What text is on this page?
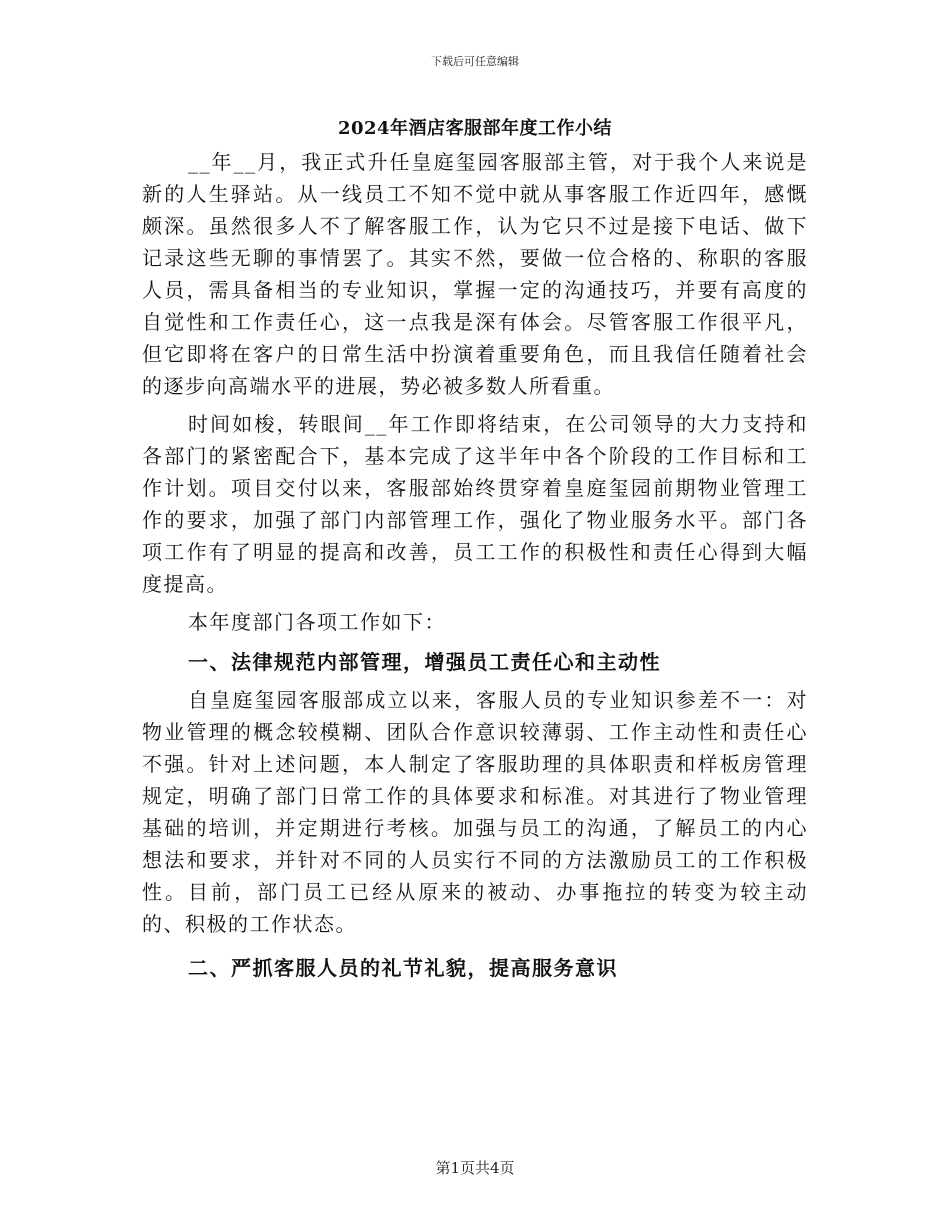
下载后可任意编辑
2024年酒店客服部年度工作小结

__年__月，我正式升任皇庭玺园客服部主管，对于我个人来说是新的人生驿站。从一线员工不知不觉中就从事客服工作近四年，感慨颇深。虽然很多人不了解客服工作，认为它只不过是接下电话、做下记录这些无聊的事情罢了。其实不然，要做一位合格的、称职的客服人员，需具备相当的专业知识，掌握一定的沟通技巧，并要有高度的自觉性和工作责任心，这一点我是深有体会。尽管客服工作很平凡，但它即将在客户的日常生活中扮演着重要角色，而且我信任随着社会的逐步向高端水平的进展，势必被多数人所看重。

时间如梭，转眼间__年工作即将结束，在公司领导的大力支持和各部门的紧密配合下，基本完成了这半年中各个阶段的工作目标和工作计划。项目交付以来，客服部始终贯穿着皇庭玺园前期物业管理工作的要求，加强了部门内部管理工作，强化了物业服务水平。部门各项工作有了明显的提高和改善，员工工作的积极性和责任心得到大幅度提高。

本年度部门各项工作如下：

一、法律规范内部管理，增强员工责任心和主动性

自皇庭玺园客服部成立以来，客服人员的专业知识参差不一：对物业管理的概念较模糊、团队合作意识较薄弱、工作主动性和责任心不强。针对上述问题，本人制定了客服助理的具体职责和样板房管理规定，明确了部门日常工作的具体要求和标准。对其进行了物业管理基础的培训，并定期进行考核。加强与员工的沟通，了解员工的内心想法和要求，并针对不同的人员实行不同的方法激励员工的工作积极性。目前，部门员工已经从原来的被动、办事拖拉的转变为较主动的、积极的工作状态。

二、严抓客服人员的礼节礼貌，提高服务意识
第1页共4页
